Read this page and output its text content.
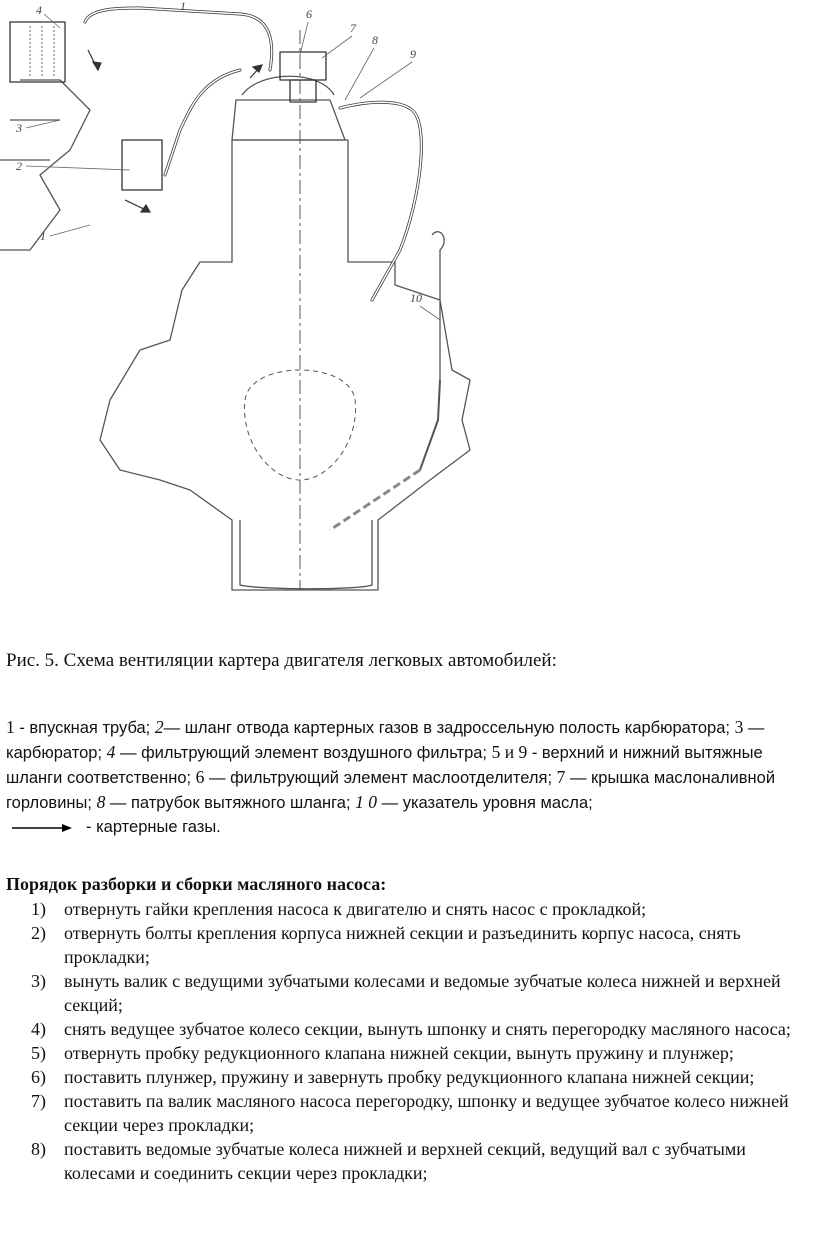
4	1
6
7
8
9
3
2
1
10
Рис. 5. Схема вентиляции картера двигателя легковых автомобилей:
1 - впускная труба; 2— шланг отвода картерных газов в задроссельную полость карбюратора; 3 — карбюратор; 4 — фильтрующий элемент воздушного фильтра; 5 и 9 - верхний и нижний вытяжные шланги соответственно; 6 — фильтрующий элемент маслоотделителя; 7 — крышка маслоналивной горловины; 8 — патрубок вытяжного шланга; 1 0 — указатель уровня масла;
- картерные газы.
Порядок разборки и сборки масляного насоса:
1) отвернуть гайки крепления насоса к двигателю и снять насос с прокладкой;
2) отвернуть болты крепления корпуса нижней секции и разъединить корпус насоса, снять прокладки;
3) вынуть валик с ведущими зубчатыми колесами и ведомые зубчатые колеса нижней и верхней секций;
4) снять ведущее зубчатое колесо секции, вынуть шпонку и снять перегородку масляного насоса;
5) отвернуть пробку редукционного клапана нижней секции, вынуть пружину и плунжер;
6) поставить плунжер, пружину и завернуть пробку редукционного клапана нижней секции;
7) поставить па валик масляного насоса перегородку, шпонку и ведущее зубчатое колесо нижней секции через прокладки;
8) поставить ведомые зубчатые колеса нижней и верхней секций, ведущий вал с зубчатыми колесами и соединить секции через прокладки;
